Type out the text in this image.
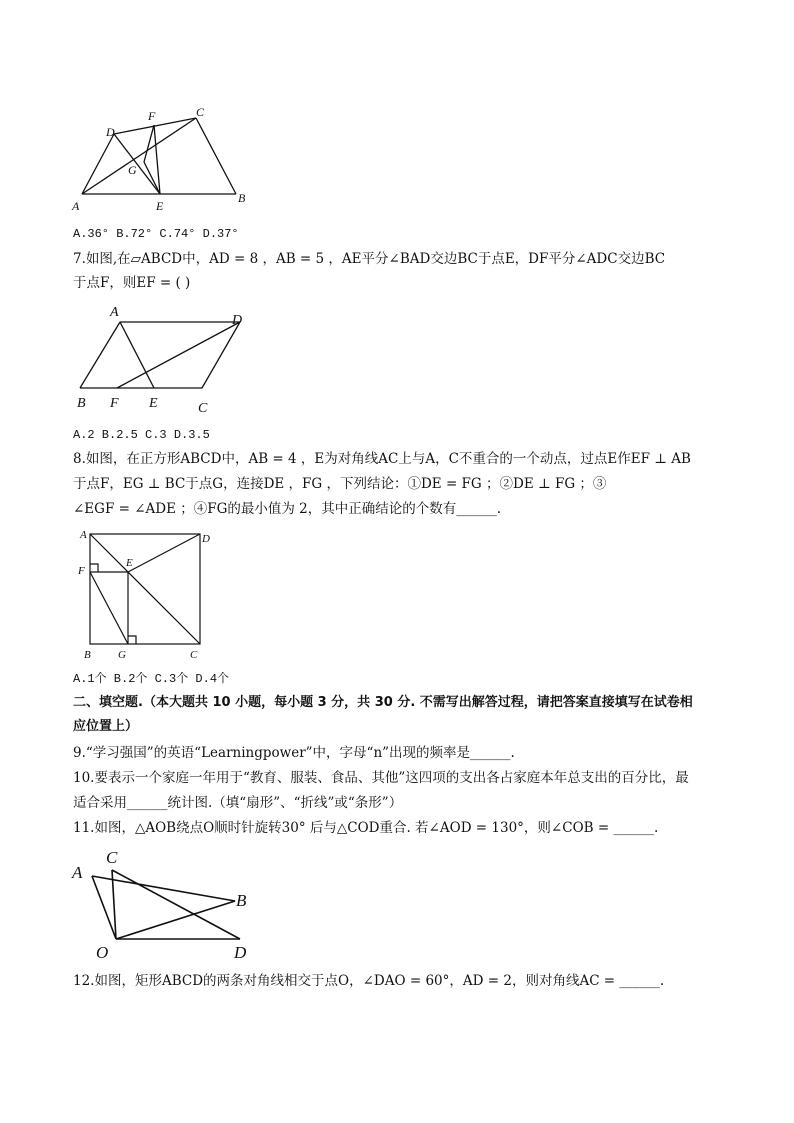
A
B
C
D
E
F
G
A.36° B.72° C.74° D.37°
7.如图,在▱ABCD中，AD = 8 ，AB = 5 ，AE平分∠BAD交边BC于点E，DF平分∠ADC交边BC
于点F，则EF = ( )
A
D
B F E	C
A.2 B.2.5 C.3 D.3.5
8.如图，在正方形ABCD中，AB = 4 ，E为对角线AC上与A，C不重合的一个动点，过点E作EF ⊥ AB
于点F，EG ⊥ BC于点G，连接DE ，FG ，下列结论：①DE = FG ；②DE ⊥ FG ；③
∠EGF = ∠ADE ；④FG的最小值为 2，其中正确结论的个数有______.
A	D
F
E
B G	C
A.1个 B.2个 C.3个 D.4个
二、填空题.（本大题共 10 小题，每小题 3 分，共 30 分. 不需写出解答过程，请把答案直接填写在试卷相
应位置上）
9.“学习强国”的英语“Learningpower”中，字母“n”出现的频率是______.
10.要表示一个家庭一年用于“教育、服装、食品、其他”这四项的支出各占家庭本年总支出的百分比，最
适合采用______统计图.（填“扇形”、“折线”或“条形”）
11.如图，△AOB绕点O顺时针旋转30° 后与△COD重合. 若∠AOD = 130°，则∠COB = ______.
A
C
B
O	D
12.如图，矩形ABCD的两条对角线相交于点O，∠DAO = 60°，AD = 2，则对角线AC = ______.
